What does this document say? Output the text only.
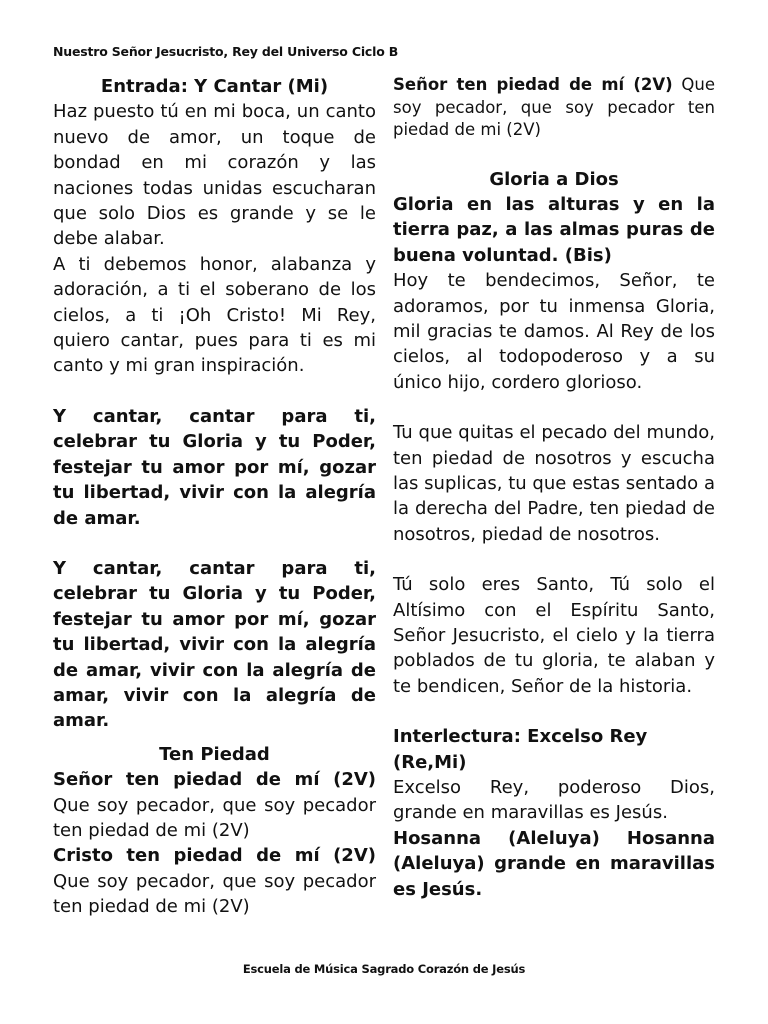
Nuestro Señor Jesucristo, Rey del Universo Ciclo B
Entrada: Y Cantar (Mi)

Haz puesto tú en mi boca, un canto nuevo de amor, un toque de bondad en mi corazón y las naciones todas unidas escucharan que solo Dios es grande y se le debe alabar.

A ti debemos honor, alabanza y adoración, a ti el soberano de los cielos, a ti ¡Oh Cristo! Mi Rey, quiero cantar, pues para ti es mi canto y mi gran inspiración.

Y cantar, cantar para ti, celebrar tu Gloria y tu Poder, festejar tu amor por mí, gozar tu libertad, vivir con la alegría de amar.

Y cantar, cantar para ti, celebrar tu Gloria y tu Poder, festejar tu amor por mí, gozar tu libertad, vivir con la alegría de amar, vivir con la alegría de amar, vivir con la alegría de amar.

Ten Piedad

Señor ten piedad de mí (2V) Que soy pecador, que soy pecador ten piedad de mi (2V)

Cristo ten piedad de mí (2V) Que soy pecador, que soy pecador ten piedad de mi (2V)

Señor ten piedad de mí (2V) Que soy pecador, que soy pecador ten piedad de mi (2V)

Gloria a Dios

Gloria en las alturas y en la tierra paz, a las almas puras de buena voluntad. (Bis)

Hoy te bendecimos, Señor, te adoramos, por tu inmensa Gloria, mil gracias te damos. Al Rey de los cielos, al todopoderoso y a su único hijo, cordero glorioso.

Tu que quitas el pecado del mundo, ten piedad de nosotros y escucha las suplicas, tu que estas sentado a la derecha del Padre, ten piedad de nosotros, piedad de nosotros.

Tú solo eres Santo, Tú solo el Altísimo con el Espíritu Santo, Señor Jesucristo, el cielo y la tierra poblados de tu gloria, te alaban y te bendicen, Señor de la historia.

Interlectura: Excelso Rey (Re,Mi)

Excelso Rey, poderoso Dios, grande en maravillas es Jesús.

Hosanna (Aleluya) Hosanna (Aleluya) grande en maravillas es Jesús.

Escuela de Música Sagrado Corazón de Jesús
